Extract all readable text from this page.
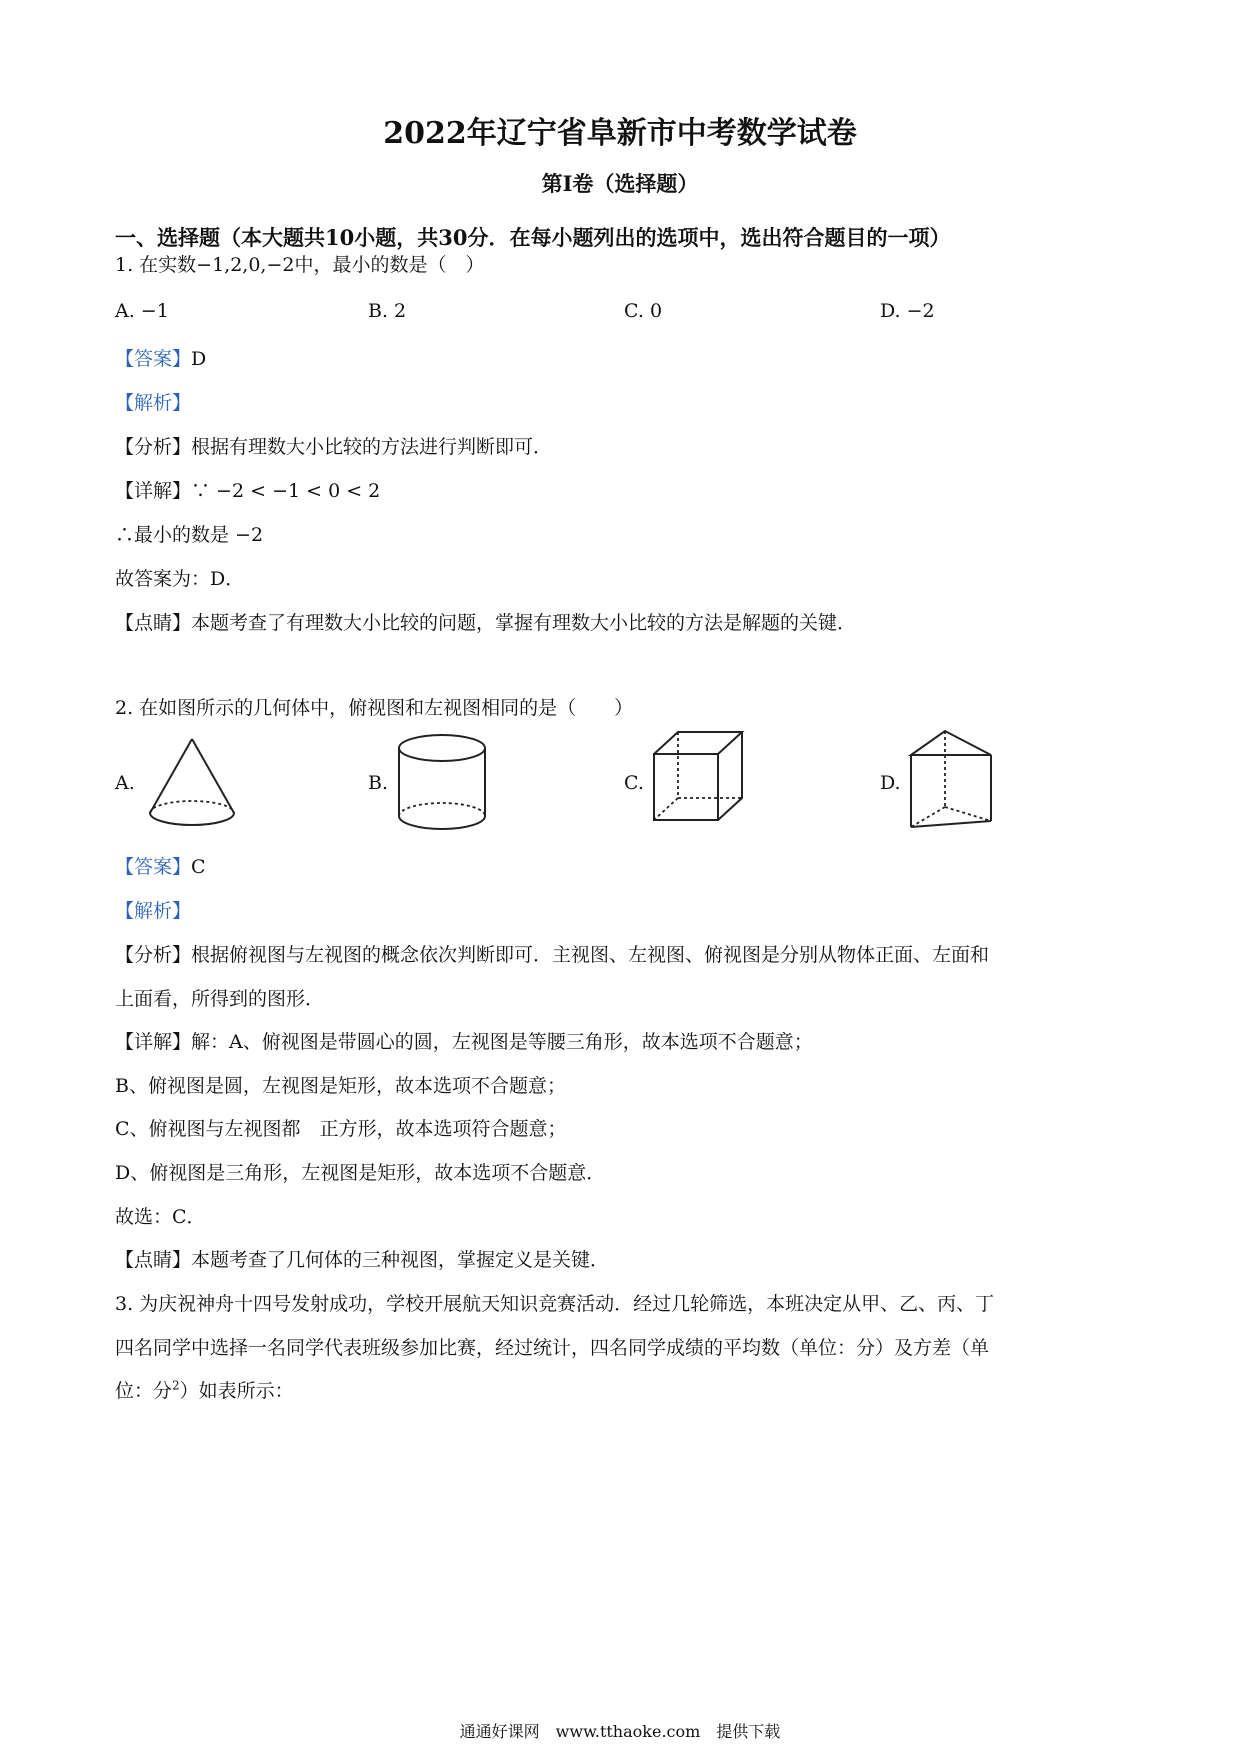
2022年辽宁省阜新市中考数学试卷
第Ⅰ卷（选择题）
一、选择题（本大题共10小题，共30分．在每小题列出的选项中，选出符合题目的一项）
1. 在实数−1,2,0,−2中，最小的数是（　）
A. −1	B. 2	C. 0	D. −2
【答案】D
【解析】
【分析】根据有理数大小比较的方法进行判断即可．
【详解】∵ −2 < −1 < 0 < 2
∴最小的数是 −2
故答案为：D．
【点睛】本题考查了有理数大小比较的问题，掌握有理数大小比较的方法是解题的关键．
2. 在如图所示的几何体中，俯视图和左视图相同的是（　　）
A.	B.	C.	D.
【答案】C
【解析】
【分析】根据俯视图与左视图的概念依次判断即可．主视图、左视图、俯视图是分别从物体正面、左面和
上面看，所得到的图形．
【详解】解：A、俯视图是带圆心的圆，左视图是等腰三角形，故本选项不合题意；
B、俯视图是圆，左视图是矩形，故本选项不合题意；
C、俯视图与左视图都　正方形，故本选项符合题意；
D、俯视图是三角形，左视图是矩形，故本选项不合题意．
故选：C．
【点睛】本题考查了几何体的三种视图，掌握定义是关键．
3. 为庆祝神舟十四号发射成功，学校开展航天知识竞赛活动．经过几轮筛选，本班决定从甲、乙、丙、丁
四名同学中选择一名同学代表班级参加比赛，经过统计，四名同学成绩的平均数（单位：分）及方差（单
位：分$^2$）如表所示：
通通好课网　www.tthaoke.com　提供下载
